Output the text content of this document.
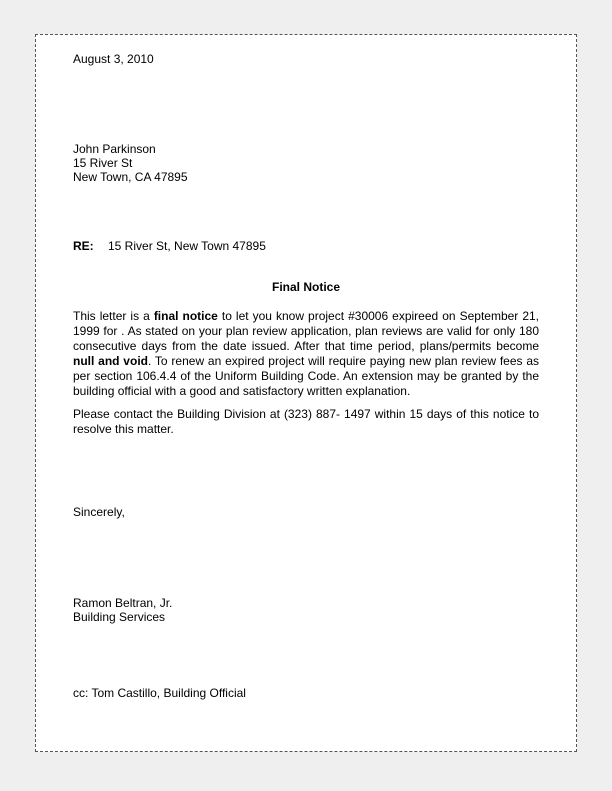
August 3, 2010
John Parkinson
15 River St
New Town, CA 47895
RE: 15 River St, New Town 47895
Final Notice
This letter is a final notice to let you know project #30006 expireed on September 21, 1999 for . As stated on your plan review application, plan reviews are valid for only 180 consecutive days from the date issued. After that time period, plans/permits become null and void. To renew an expired project will require paying new plan review fees as per section 106.4.4 of the Uniform Building Code. An extension may be granted by the building official with a good and satisfactory written explanation.
Please contact the Building Division at (323) 887- 1497 within 15 days of this notice to resolve this matter.
Sincerely,
Ramon Beltran, Jr.
Building Services
cc: Tom Castillo, Building Official
